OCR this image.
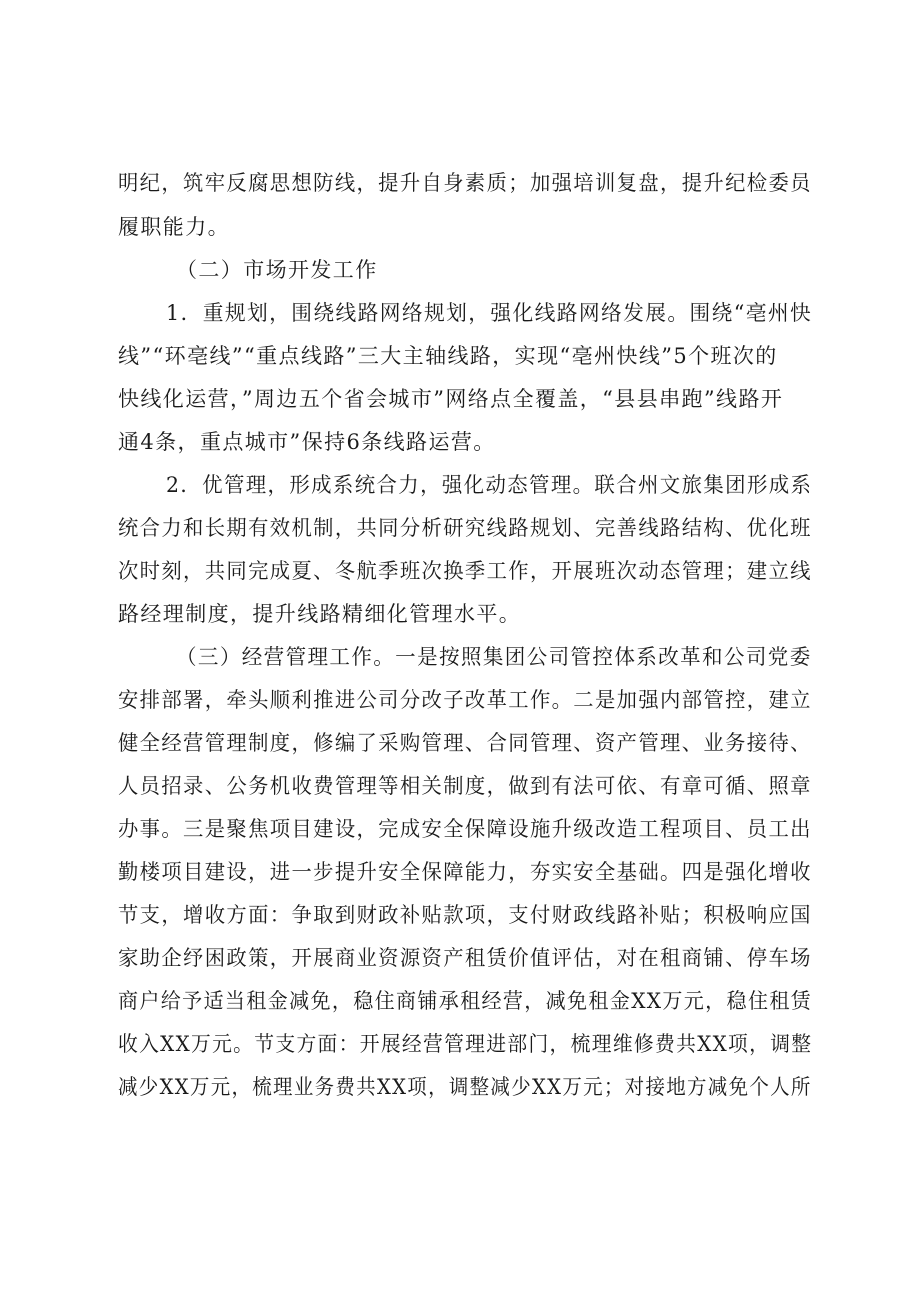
明纪，筑牢反腐思想防线，提升自身素质；加强培训复盘，提升纪检委员
履职能力。
（二）市场开发工作
1．重规划，围绕线路网络规划，强化线路网络发展。围绕“亳州快
线”“环亳线”“重点线路”三大主轴线路，实现“亳州快线”5个班次的
快线化运营，”周边五个省会城市”网络点全覆盖，“县县串跑”线路开
通4条，重点城市”保持6条线路运营。
2．优管理，形成系统合力，强化动态管理。联合州文旅集团形成系
统合力和长期有效机制，共同分析研究线路规划、完善线路结构、优化班
次时刻，共同完成夏、冬航季班次换季工作，开展班次动态管理；建立线
路经理制度，提升线路精细化管理水平。
（三）经营管理工作。一是按照集团公司管控体系改革和公司党委
安排部署，牵头顺利推进公司分改子改革工作。二是加强内部管控，建立
健全经营管理制度，修编了采购管理、合同管理、资产管理、业务接待、
人员招录、公务机收费管理等相关制度，做到有法可依、有章可循、照章
办事。三是聚焦项目建设，完成安全保障设施升级改造工程项目、员工出
勤楼项目建设，进一步提升安全保障能力，夯实安全基础。四是强化增收
节支，增收方面：争取到财政补贴款项，支付财政线路补贴；积极响应国
家助企纾困政策，开展商业资源资产租赁价值评估，对在租商铺、停车场
商户给予适当租金减免，稳住商铺承租经营，减免租金XX万元，稳住租赁
收入XX万元。节支方面：开展经营管理进部门，梳理维修费共XX项，调整
减少XX万元，梳理业务费共XX项，调整减少XX万元；对接地方减免个人所
